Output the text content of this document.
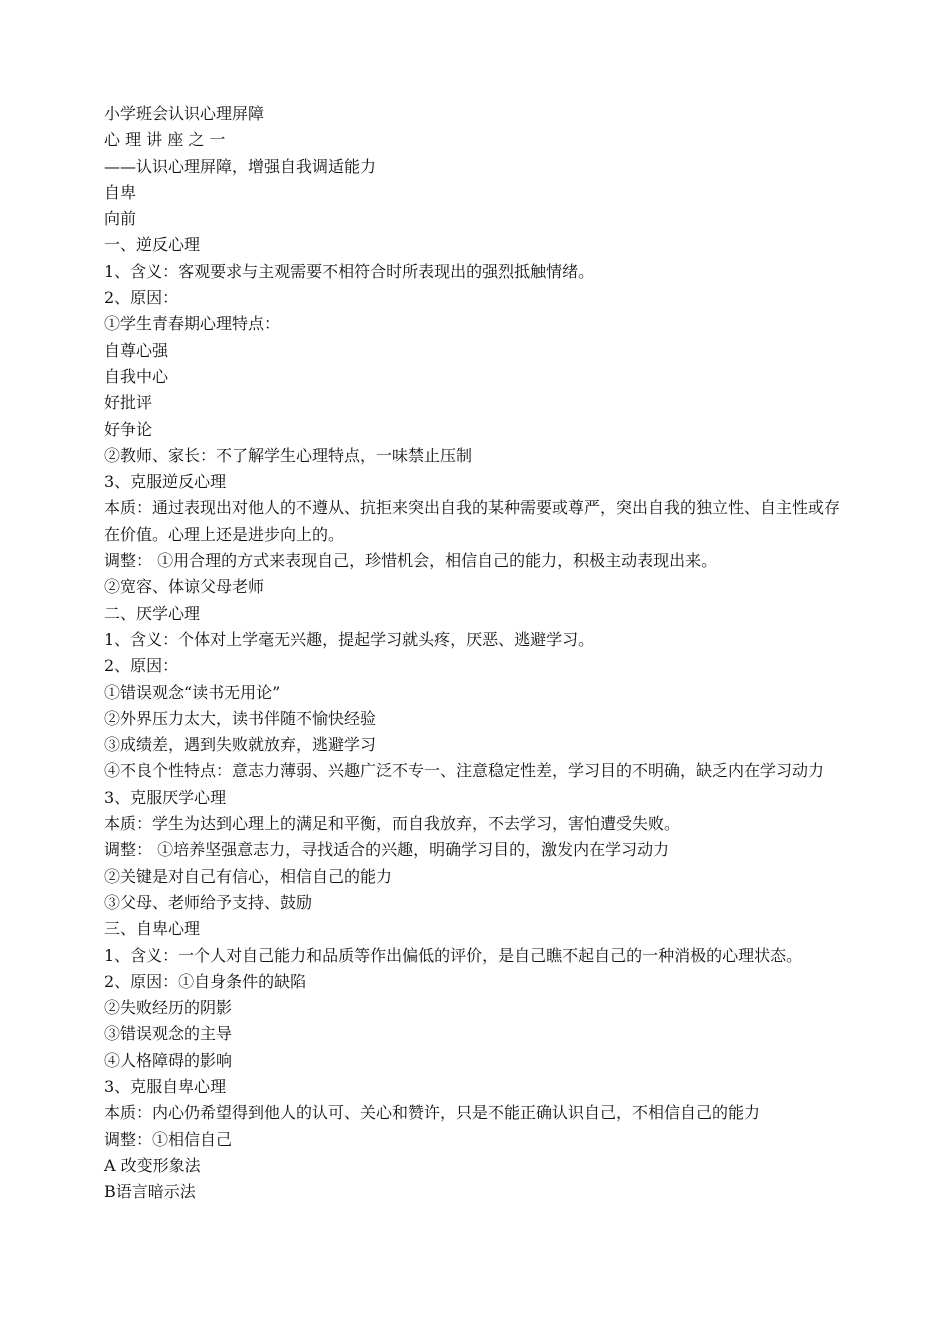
小学班会认识心理屏障
心 理 讲 座 之 一
——认识心理屏障，增强自我调适能力
自卑
向前
一、逆反心理
1、含义：客观要求与主观需要不相符合时所表现出的强烈抵触情绪。
2、原因：
①学生青春期心理特点：
自尊心强
自我中心
好批评
好争论
②教师、家长：不了解学生心理特点，一味禁止压制
3、克服逆反心理
本质：通过表现出对他人的不遵从、抗拒来突出自我的某种需要或尊严，突出自我的独立性、自主性或存在价值。心理上还是进步向上的。
调整： ①用合理的方式来表现自己，珍惜机会，相信自己的能力，积极主动表现出来。
②宽容、体谅父母老师
二、厌学心理
1、含义：个体对上学毫无兴趣，提起学习就头疼，厌恶、逃避学习。
2、原因：
①错误观念“读书无用论”
②外界压力太大，读书伴随不愉快经验
③成绩差，遇到失败就放弃，逃避学习
④不良个性特点：意志力薄弱、兴趣广泛不专一、注意稳定性差，学习目的不明确，缺乏内在学习动力
3、克服厌学心理
本质：学生为达到心理上的满足和平衡，而自我放弃，不去学习，害怕遭受失败。
调整： ①培养坚强意志力，寻找适合的兴趣，明确学习目的，激发内在学习动力
②关键是对自己有信心，相信自己的能力
③父母、老师给予支持、鼓励
三、自卑心理
1、含义：一个人对自己能力和品质等作出偏低的评价，是自己瞧不起自己的一种消极的心理状态。
2、原因：①自身条件的缺陷
②失败经历的阴影
③错误观念的主导
④人格障碍的影响
3、克服自卑心理
本质：内心仍希望得到他人的认可、关心和赞许，只是不能正确认识自己，不相信自己的能力
调整：①相信自己
A 改变形象法
B语言暗示法
